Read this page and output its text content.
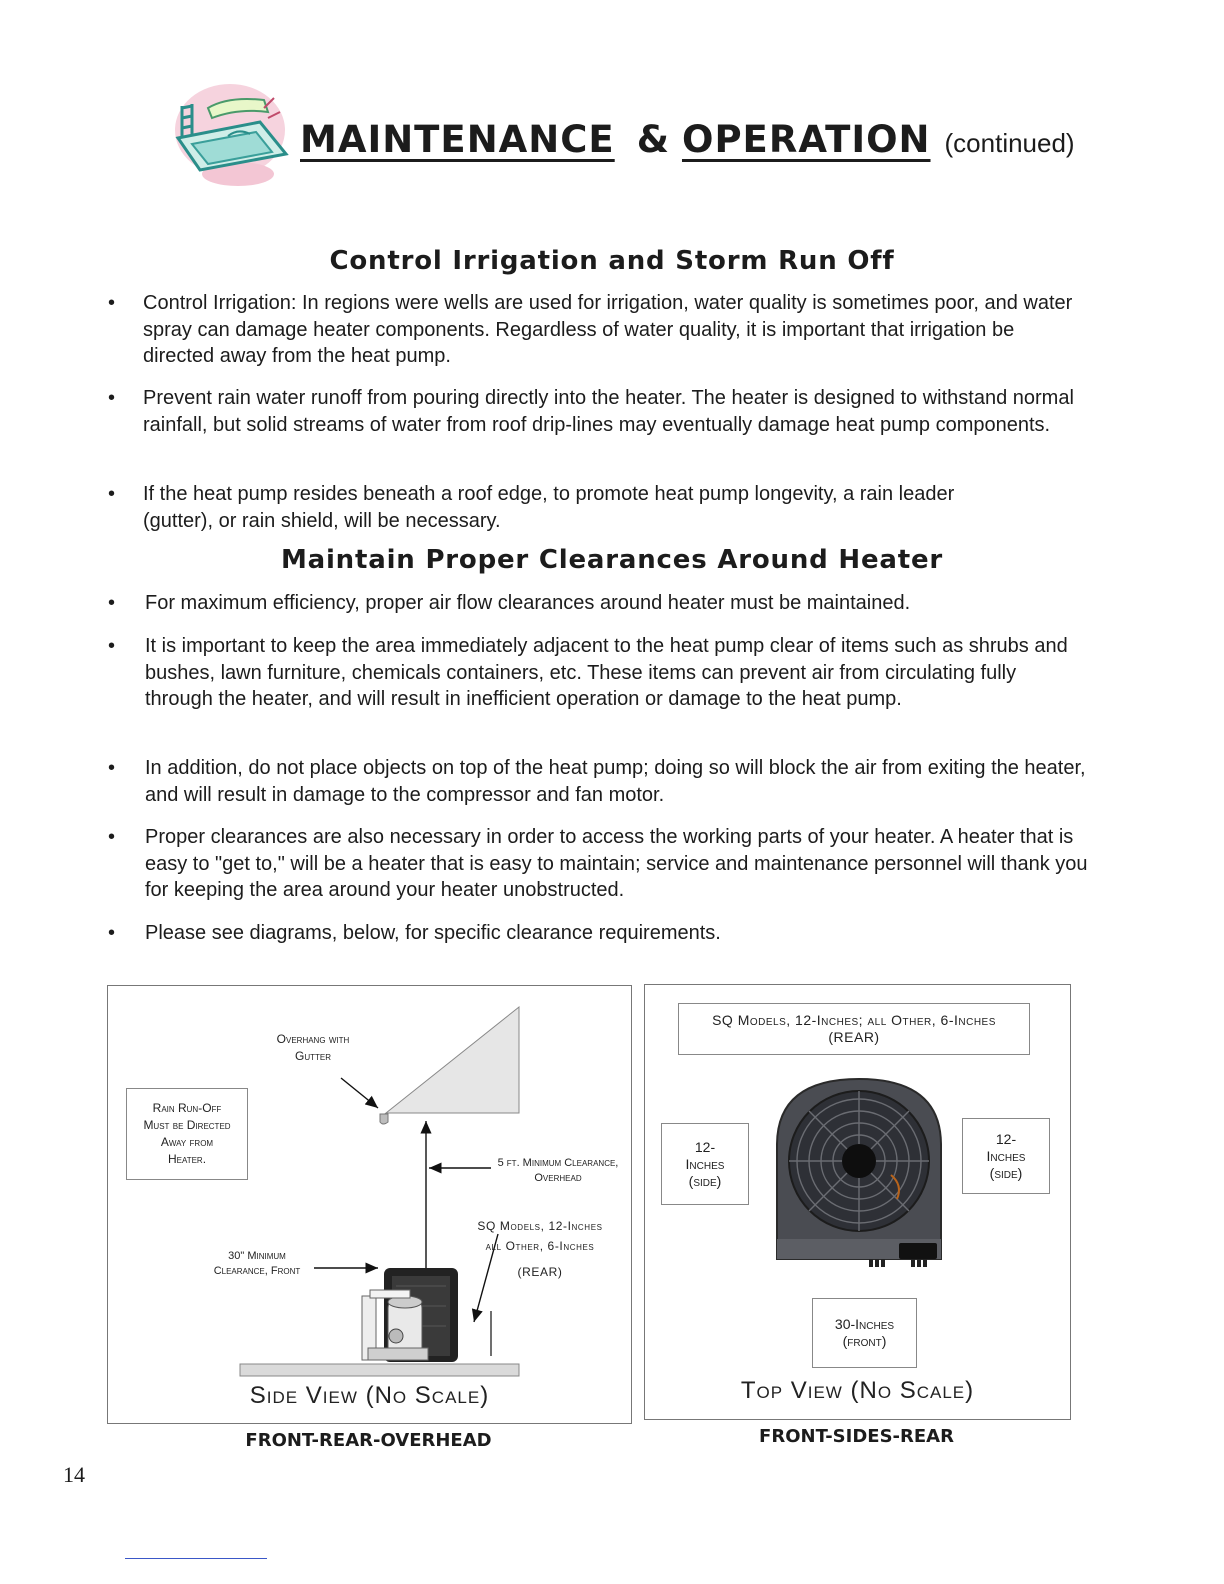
MAINTENANCE & OPERATION (continued)
Control Irrigation and Storm Run Off
• Control Irrigation: In regions were wells are used for irrigation, water quality is sometimes poor, and water spray can damage heater components. Regardless of water quality, it is important that irrigation be directed away from the heat pump.
• Prevent rain water runoff from pouring directly into the heater. The heater is designed to withstand normal rainfall, but solid streams of water from roof drip-lines may eventually damage heat pump components.
• If the heat pump resides beneath a roof edge, to promote heat pump longevity, a rain leader (gutter), or rain shield, will be necessary.
Maintain Proper Clearances Around Heater
• For maximum efficiency, proper air flow clearances around heater must be maintained.
• It is important to keep the area immediately adjacent to the heat pump clear of items such as shrubs and bushes, lawn furniture, chemicals containers, etc. These items can prevent air from circulating fully through the heater, and will result in inefficient operation or damage to the heat pump.
• In addition, do not place objects on top of the heat pump; doing so will block the air from exiting the heater, and will result in damage to the compressor and fan motor.
• Proper clearances are also necessary in order to access the working parts of your heater. A heater that is easy to "get to," will be a heater that is easy to maintain; service and maintenance personnel will thank you for keeping the area around your heater unobstructed.
• Please see diagrams, below, for specific clearance requirements.
Overhang with
Gutter
Rain Run-Off
Must be Directed
Away from
Heater.	5 ft. Minimum Clearance,
Overhead
SQ Models, 12-Inches
all Other, 6-Inches
(REAR)
30" Minimum
Clearance, Front
Side View (No Scale)
FRONT-REAR-OVERHEAD
SQ Models, 12-Inches; all Other, 6-Inches
(REAR)
12-
Inches
(side)
12-
Inches
(side)
30-Inches
(front)
Top View (No Scale)
FRONT-SIDES-REAR
14
